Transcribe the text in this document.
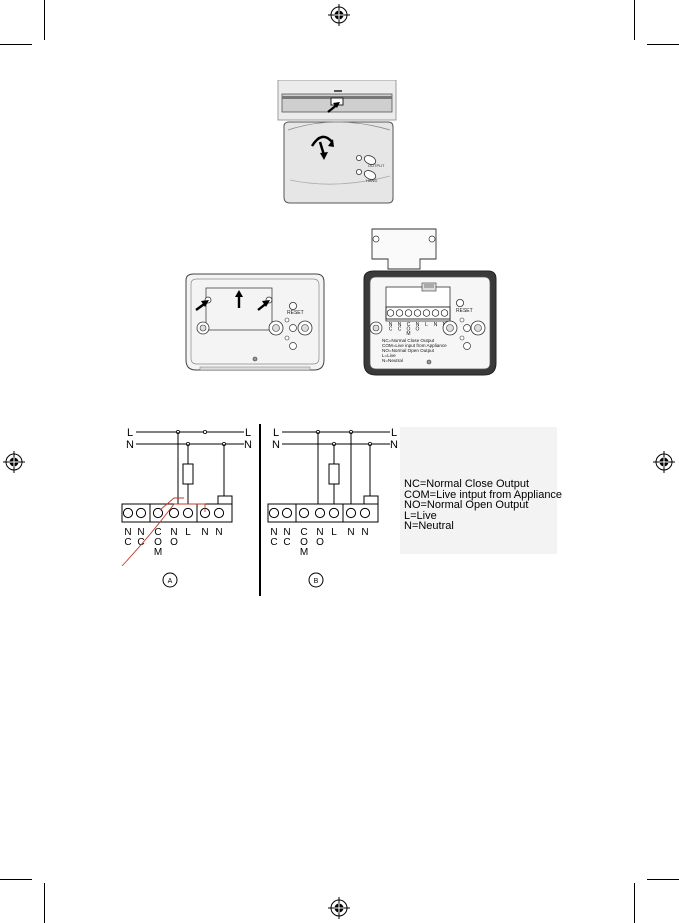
OUTPUT
HAND
RESET
N N C N L N
C C O O
M
NC=Normal Close Output
COM=Live input from Appliance
NO=Normal Open Output
L=Live
N=Neutral
RESET
L
N
L
N
N N C N L N N
C C O O
M
A
L
N
L
N
N N C N L N N
C C O O
M
B
NC=Normal Close Output
COM=Live intput from Appliance
NO=Normal Open Output
L=Live
N=Neutral
